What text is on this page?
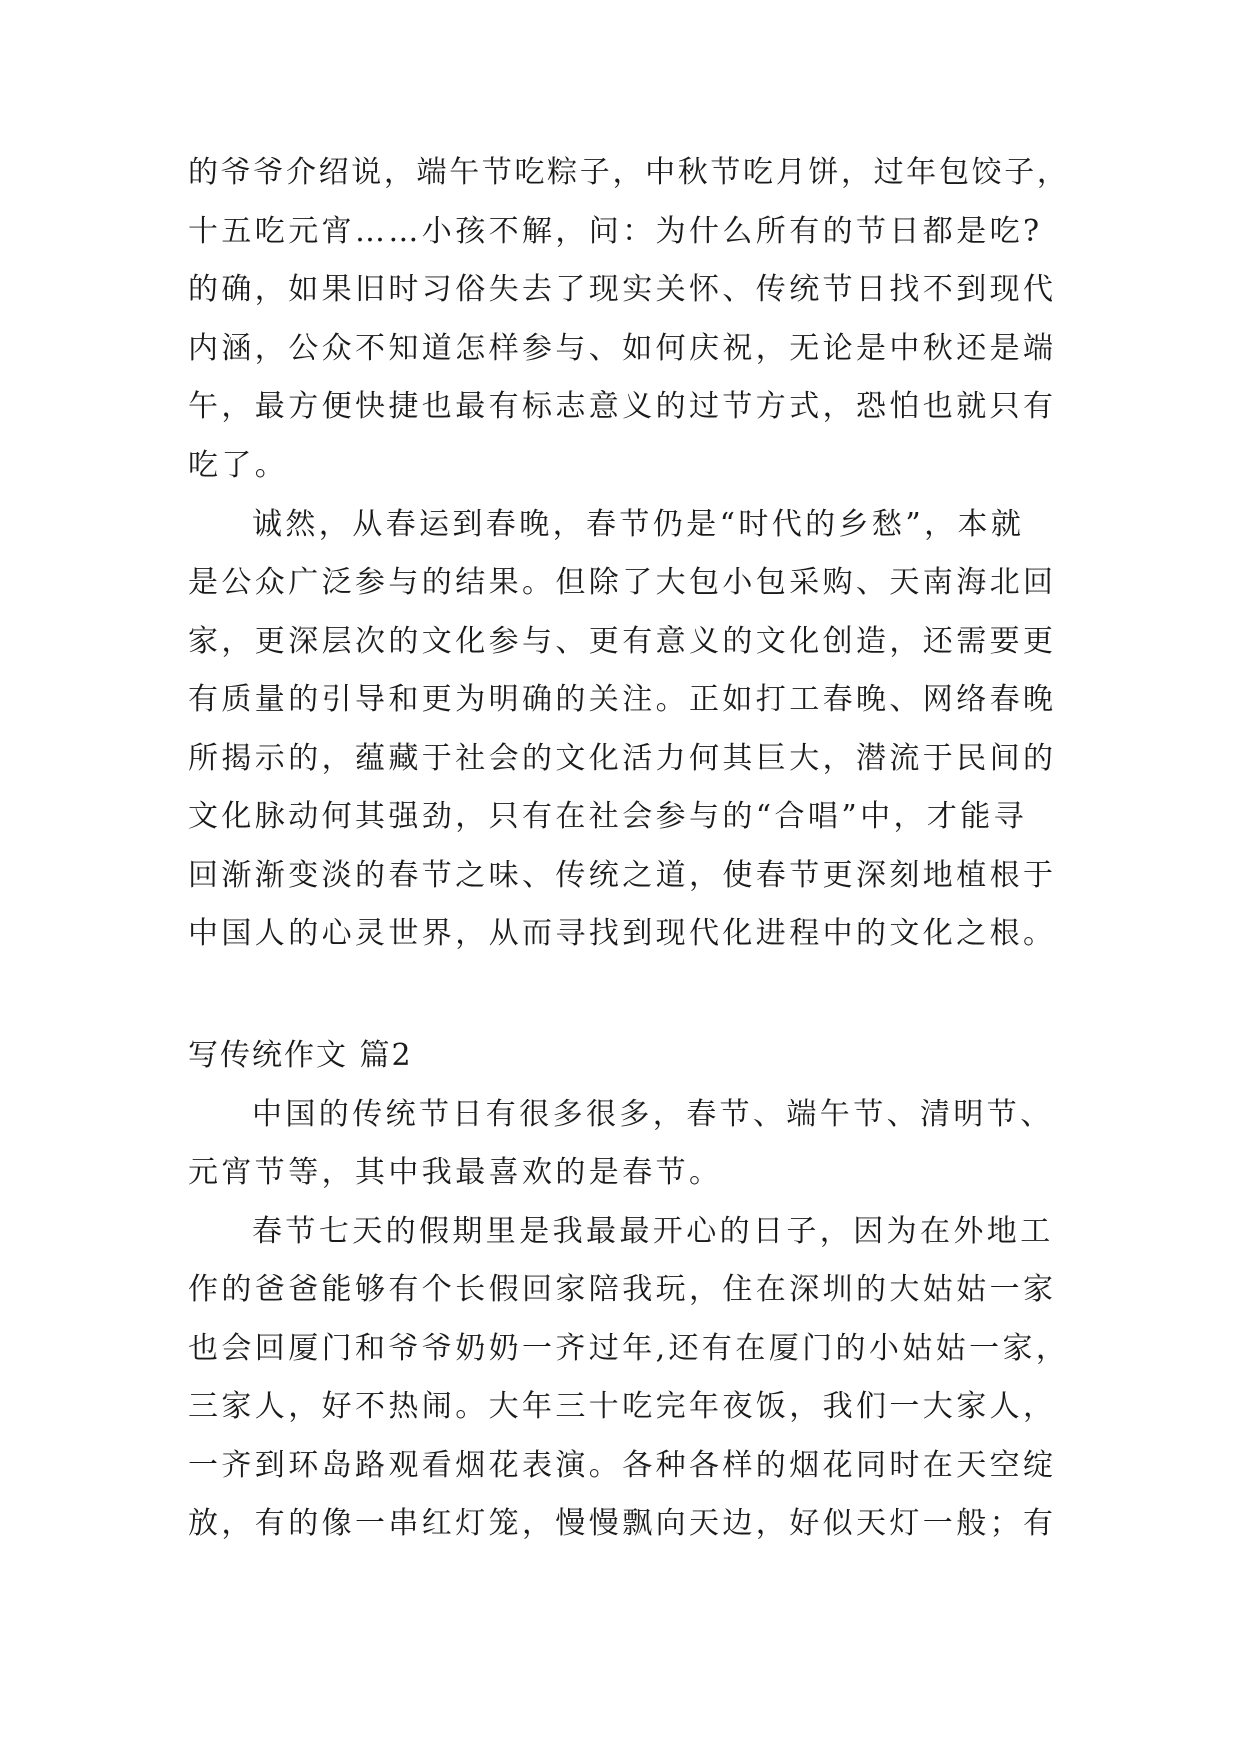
的爷爷介绍说，端午节吃粽子，中秋节吃月饼，过年包饺子，
十五吃元宵……小孩不解，问：为什么所有的节日都是吃?
的确，如果旧时习俗失去了现实关怀、传统节日找不到现代
内涵，公众不知道怎样参与、如何庆祝，无论是中秋还是端
午，最方便快捷也最有标志意义的过节方式，恐怕也就只有
吃了。
诚然，从春运到春晚，春节仍是“时代的乡愁”，本就
是公众广泛参与的结果。但除了大包小包采购、天南海北回
家，更深层次的文化参与、更有意义的文化创造，还需要更
有质量的引导和更为明确的关注。正如打工春晚、网络春晚
所揭示的，蕴藏于社会的文化活力何其巨大，潜流于民间的
文化脉动何其强劲，只有在社会参与的“合唱”中，才能寻
回渐渐变淡的春节之味、传统之道，使春节更深刻地植根于
中国人的心灵世界，从而寻找到现代化进程中的文化之根。
写传统作文 篇2
中国的传统节日有很多很多，春节、端午节、清明节、
元宵节等，其中我最喜欢的是春节。
春节七天的假期里是我最最开心的日子，因为在外地工
作的爸爸能够有个长假回家陪我玩，住在深圳的大姑姑一家
也会回厦门和爷爷奶奶一齐过年,还有在厦门的小姑姑一家，
三家人，好不热闹。大年三十吃完年夜饭，我们一大家人，
一齐到环岛路观看烟花表演。各种各样的烟花同时在天空绽
放，有的像一串红灯笼，慢慢飘向天边，好似天灯一般；有
